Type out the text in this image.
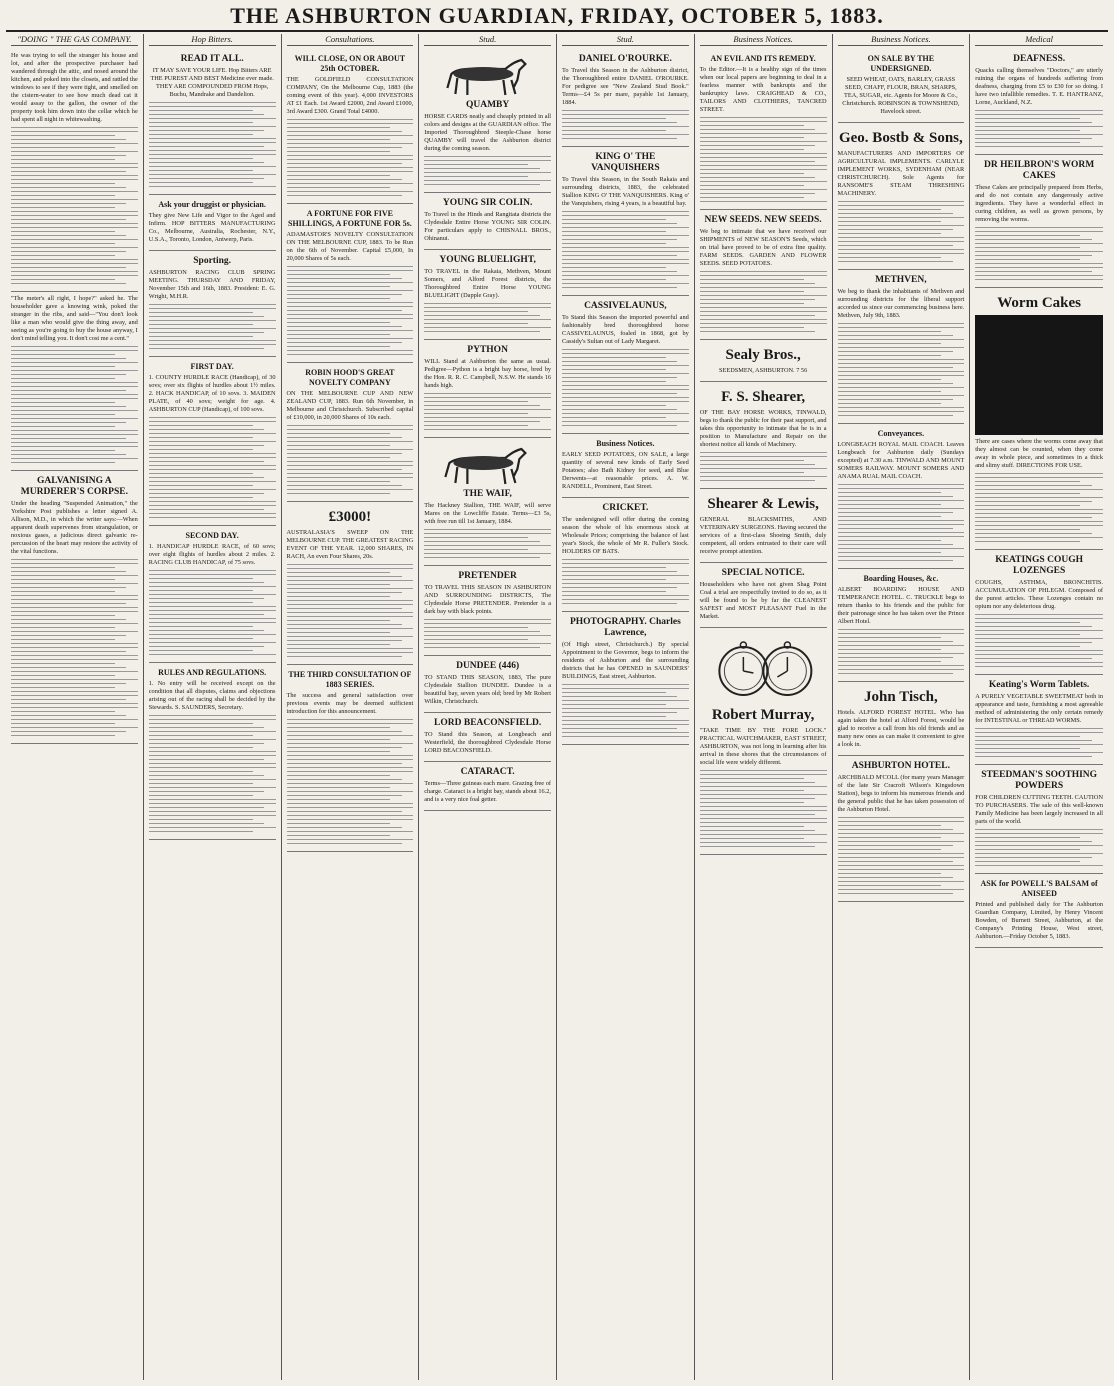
THE ASHBURTON GUARDIAN, FRIDAY, OCTOBER 5, 1883.
"DOING " THE GAS COMPANY.

He was trying to sell the stranger his house and lot, and after the prospective purchaser had wandered through the attic, and nosed around the kitchen, and poked into the closets, and rattled the windows to see if they were tight, and smelled on the cistern-water to see how much dead cat it would assay to the gallon, the owner of the property took him down into the cellar which he had spent all night in whitewashing.

"The meter's all right, I hope?" asked he. The householder gave a knowing wink, poked the stranger in the ribs, and said—"You don't look like a man who would give the thing away, and seeing as you're going to buy the house anyway, I don't mind telling you. It don't cost me a cent."

GALVANISING A MURDERER'S CORPSE.

Under the heading "Suspended Animation," the Yorkshire Post publishes a letter signed A. Allison, M.D., in which the writer says:—When apparent death supervenes from strangulation, or noxious gases, a judicious direct galvanic re-percussion of the heart may restore the activity of the vital functions.

Hop Bitters.
READ IT ALL.

IT MAY SAVE YOUR LIFE. Hop Bitters ARE THE PUREST AND BEST Medicine ever made. THEY ARE COMPOUNDED FROM Hops, Buchu, Mandrake and Dandelion.

Ask your druggist or physician.

They give New Life and Vigor to the Aged and Infirm. HOP BITTERS MANUFACTURING Co., Melbourne, Australia, Rochester, N.Y., U.S.A., Toronto, London, Antwerp, Paris.

Sporting.

ASHBURTON RACING CLUB SPRING MEETING. THURSDAY AND FRIDAY, November 15th and 16th, 1883. President: E. G. Wright, M.H.R.

FIRST DAY.

1. COUNTY HURDLE RACE (Handicap), of 30 sovs; over six flights of hurdles about 1½ miles. 2. HACK HANDICAP, of 10 sovs. 3. MAIDEN PLATE, of 40 sovs; weight for age. 4. ASHBURTON CUP (Handicap), of 100 sovs.

SECOND DAY.

1. HANDICAP HURDLE RACE, of 60 sovs; over eight flights of hurdles about 2 miles. 2. RACING CLUB HANDICAP, of 75 sovs.

RULES AND REGULATIONS.

1. No entry will be received except on the condition that all disputes, claims and objections arising out of the racing shall be decided by the Stewards. S. SAUNDERS, Secretary.

Consultations.
WILL CLOSE, ON OR ABOUT 25th OCTOBER.

THE GOLDFIELD CONSULTATION COMPANY, On the Melbourne Cup, 1883 (the coming event of this year). 4,000 INVESTORS AT £1 Each. 1st Award £2000, 2nd Award £1000, 3rd Award £300. Grand Total £4000.

A FORTUNE FOR FIVE SHILLINGS, A FORTUNE FOR 5s.

ADAMASTOR'S NOVELTY CONSULTATION ON THE MELBOURNE CUP, 1883. To be Run on the 6th of November. Capital £5,000, In 20,000 Shares of 5s each.

ROBIN HOOD'S GREAT NOVELTY COMPANY

ON THE MELBOURNE CUP AND NEW ZEALAND CUP, 1883. Run 6th November, in Melbourne and Christchurch. Subscribed capital of £10,000, in 20,000 Shares of 10s each.

£3000!

AUSTRALASIA'S SWEEP ON THE MELBOURNE CUP. THE GREATEST RACING EVENT OF THE YEAR. 12,000 SHARES, IN RACH, An even Four Shares, 20s.

THE THIRD CONSULTATION OF 1883 SERIES.

The success and general satisfaction over previous events may be deemed sufficient introduction for this announcement.

Stud.
QUAMBY

HORSE CARDS neatly and cheaply printed in all colors and designs at the GUARDIAN office. The Imported Thoroughbred Steeple-Chase horse QUAMBY will travel the Ashburton district during the coming season.

YOUNG SIR COLIN.

To Travel in the Hinds and Rangitata districts the Clydesdale Entire Horse YOUNG SIR COLIN. For particulars apply to CHISNALL BROS., Ohinanui.

YOUNG BLUELIGHT,

TO TRAVEL in the Rakaia, Methven, Mount Somers, and Alford Forest districts, the Thoroughbred Entire Horse YOUNG BLUELIGHT (Dapple Gray).

PYTHON

WILL Stand at Ashburton the same as usual. Pedigree—Python is a bright bay horse, bred by the Hon. R. R. C. Campbell, N.S.W. He stands 16 hands high.

THE WAIF,

The Hackney Stallion, THE WAIF, will serve Mares on the Lowcliffe Estate. Terms—£3 5s, with free run till 1st January, 1884.

PRETENDER

TO TRAVEL THIS SEASON IN ASHBURTON AND SURROUNDING DISTRICTS, The Clydesdale Horse PRETENDER. Pretender is a dark bay with black points.

DUNDEE (446)

TO STAND THIS SEASON, 1883, The pure Clydesdale Stallion DUNDEE. Dundee is a beautiful bay, seven years old; bred by Mr Robert Wilkin, Christchurch.

LORD BEACONSFIELD.

TO Stand this Season, at Longbeach and Westerfield, the thoroughbred Clydesdale Horse LORD BEACONSFIELD.

CATARACT.

Terms—Three guineas each mare. Grazing free of charge. Cataract is a bright bay, stands about 16.2, and is a very nice foal getter.

Stud.
DANIEL O'ROURKE.

To Travel this Season in the Ashburton district, the Thoroughbred entire DANIEL O'ROURKE. For pedigree see "New Zealand Stud Book." Terms—£4 5s per mare, payable 1st January, 1884.

KING O' THE VANQUISHERS

To Travel this Season, in the South Rakaia and surrounding districts, 1883, the celebrated Stallion KING O' THE VANQUISHERS. King o' the Vanquishers, rising 4 years, is a beautiful bay.

CASSIVELAUNUS,

To Stand this Season the imported powerful and fashionably bred thoroughbred horse CASSIVELAUNUS, foaled in 1868, got by Cassidy's Sultan out of Lady Margaret.

Business Notices.

EARLY SEED POTATOES, ON SALE, a large quantity of several new kinds of Early Seed Potatoes; also Bath Kidney for seed, and Blue Derwents—at reasonable prices. A. W. RANDELL, Prominent, East Street.

CRICKET.

The undersigned will offer during the coming season the whole of his enormous stock at Wholesale Prices; comprising the balance of last year's Stock, the whole of Mr R. Fuller's Stock. HOLDERS OF BATS.

PHOTOGRAPHY. Charles Lawrence,

(Of High street, Christchurch.) By special Appointment to the Governor, begs to inform the residents of Ashburton and the surrounding districts that he has OPENED in SAUNDERS' BUILDINGS, East street, Ashburton.

Business Notices.
AN EVIL AND ITS REMEDY.

To the Editor.—It is a healthy sign of the times when our local papers are beginning to deal in a fearless manner with bankrupts and the bankruptcy laws. CRAIGHEAD & CO., TAILORS AND CLOTHIERS, TANCRED STREET.

NEW SEEDS. NEW SEEDS.

We beg to intimate that we have received our SHIPMENTS of NEW SEASON'S Seeds, which on trial have proved to be of extra fine quality. FARM SEEDS. GARDEN AND FLOWER SEEDS. SEED POTATOES.

Sealy Bros.,

SEEDSMEN, ASHBURTON. 7 56

F. S. Shearer,

OF THE BAY HORSE WORKS, TINWALD, begs to thank the public for their past support, and takes this opportunity to intimate that he is in a position to Manufacture and Repair on the shortest notice all kinds of Machinery.

Shearer & Lewis,

GENERAL BLACKSMITHS, AND VETERINARY SURGEONS. Having secured the services of a first-class Shoeing Smith, duly competent, all orders entrusted to their care will receive prompt attention.

SPECIAL NOTICE.

Householders who have not given Shag Point Coal a trial are respectfully invited to do so, as it will be found to be by far the CLEANEST SAFEST and MOST PLEASANT Fuel in the Market.

Robert Murray,

"TAKE TIME BY THE FORE LOCK." PRACTICAL WATCHMAKER, EAST STREET, ASHBURTON, was not long in learning after his arrival in these shores that the circumstances of social life were widely different.

Business Notices.
ON SALE BY THE UNDERSIGNED.

SEED WHEAT, OATS, BARLEY, GRASS SEED, CHAFF, FLOUR, BRAN, SHARPS, TEA, SUGAR, etc. Agents for Moore & Co., Christchurch. ROBINSON & TOWNSHEND, Havelock street.

Geo. Bostb & Sons,

MANUFACTURERS AND IMPORTERS OF AGRICULTURAL IMPLEMENTS. CARLYLE IMPLEMENT WORKS, SYDENHAM (NEAR CHRISTCHURCH). Sole Agents for RANSOME'S STEAM THRESHING MACHINERY.

METHVEN,

We beg to thank the inhabitants of Methven and surrounding districts for the liberal support accorded us since our commencing business here. Methven, July 9th, 1883.

Conveyances.

LONGBEACH ROYAL MAIL COACH. Leaves Longbeach for Ashburton daily (Sundays excepted) at 7.30 a.m. TINWALD AND MOUNT SOMERS RAILWAY. MOUNT SOMERS AND ANAMA RUAL MAIL COACH.

Boarding Houses, &c.

ALBERT BOARDING HOUSE AND TEMPERANCE HOTEL. C. TRUCKLE begs to return thanks to his friends and the public for their patronage since he has taken over the Prince Albert Hotel.

John Tisch,

Hotels. ALFORD FOREST HOTEL. Who has again taken the hotel at Alford Forest, would be glad to receive a call from his old friends and as many new ones as can make it convenient to give a look in.

ASHBURTON HOTEL.

ARCHIBALD M'COLL (for many years Manager of the late Sir Cracroft Wilson's Kingsdown Station), begs to inform his numerous friends and the general public that he has taken possession of the Ashburton Hotel.

Medical
DEAFNESS.

Quacks calling themselves "Doctors," are utterly ruining the organs of hundreds suffering from deafness, charging from £5 to £30 for so doing. I have two infallible remedies. T. E. HANTRANZ, Lorne, Auckland, N.Z.

DR HEILBRON'S WORM CAKES

These Cakes are principally prepared from Herbs, and do not contain any dangerously active ingredients. They have a wonderful effect in curing children, as well as grown persons, by removing the worms.

Worm Cakes

There are cases where the worms come away that they almost can be counted, when they come away in whole piece, and sometimes in a thick and slimy stuff. DIRECTIONS FOR USE.

KEATINGS COUGH LOZENGES

COUGHS, ASTHMA, BRONCHITIS. ACCUMULATION OF PHLEGM. Composed of the purest articles. These Lozenges contain no opium nor any deleterious drug.

Keating's Worm Tablets.

A PURELY VEGETABLE SWEETMEAT both in appearance and taste, furnishing a most agreeable method of administering the only certain remedy for INTESTINAL or THREAD WORMS.

STEEDMAN'S SOOTHING POWDERS

FOR CHILDREN CUTTING TEETH. CAUTION TO PURCHASERS. The sale of this well-known Family Medicine has been largely increased in all parts of the world.

ASK for POWELL'S BALSAM of ANISEED

Printed and published daily for The Ashburton Guardian Company, Limited, by Henry Vincent Bowden, of Burnett Street, Ashburton, at the Company's Printing House, West street, Ashburton.—Friday October 5, 1883.
